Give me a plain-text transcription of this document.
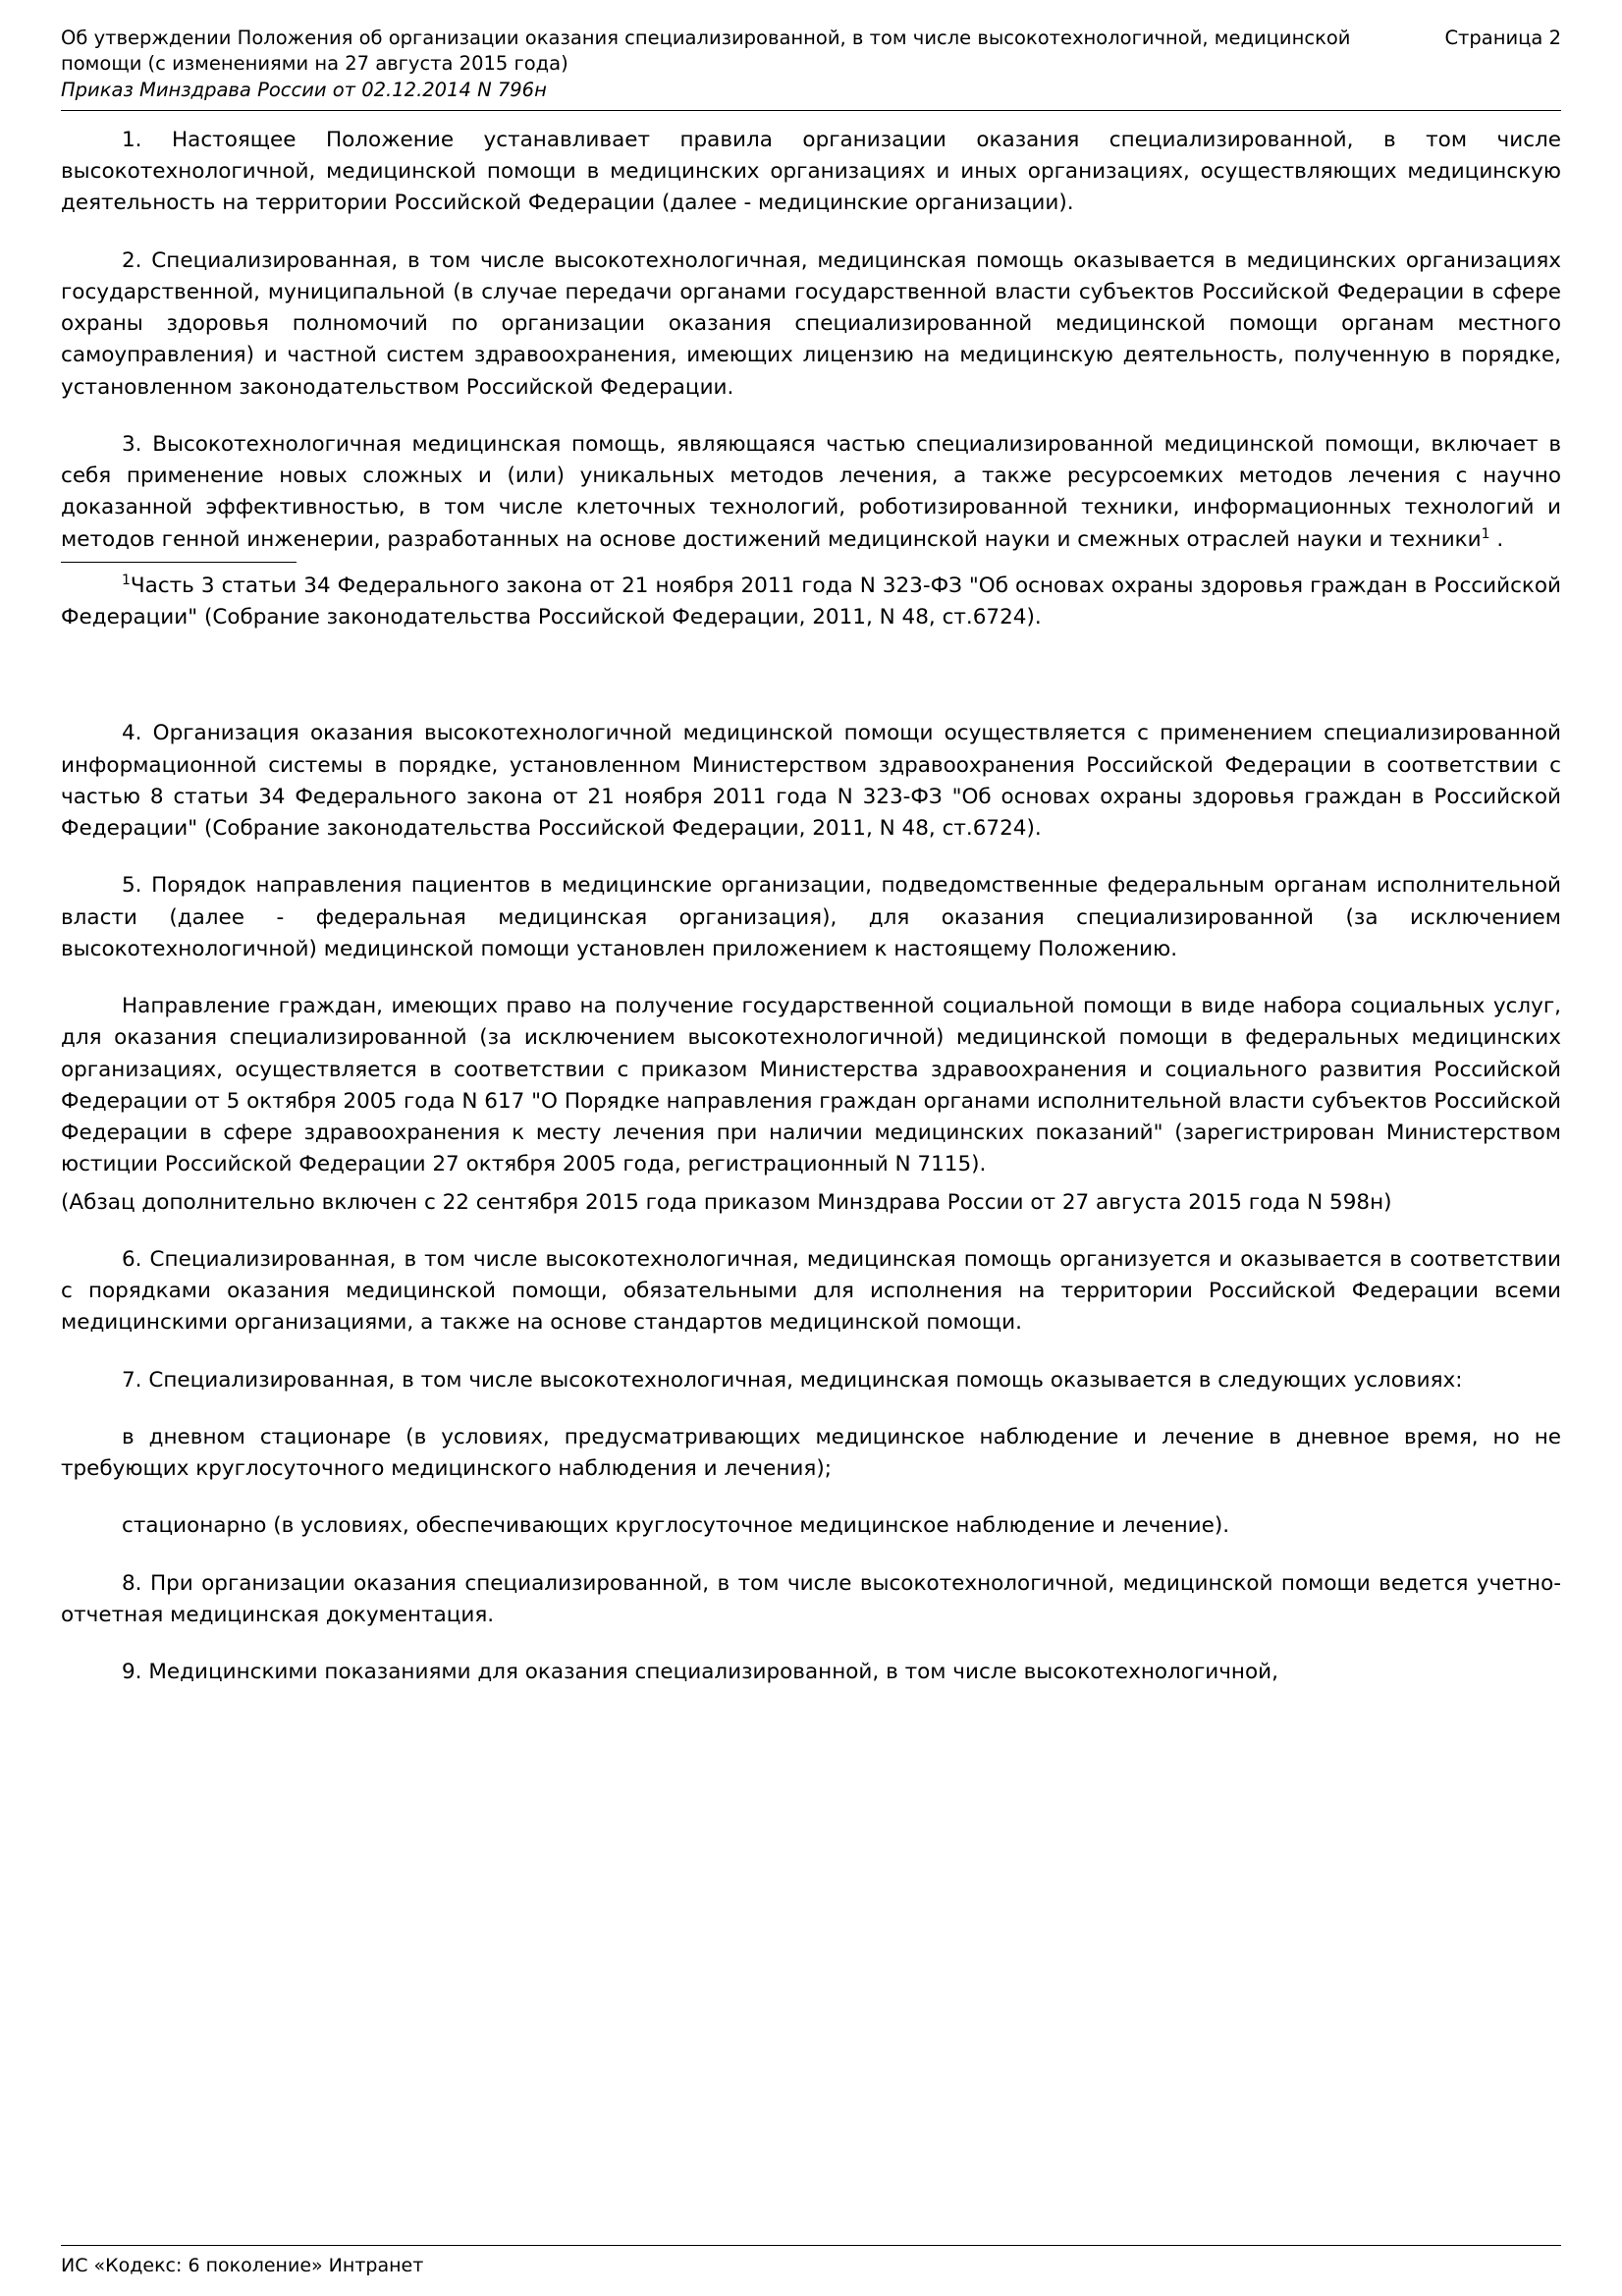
Об утверждении Положения об организации оказания специализированной, в том числе высокотехнологичной, медицинской помощи (с изменениями на 27 августа 2015 года)
Приказ Минздрава России от 02.12.2014 N 796н
Страница 2

1. Настоящее Положение устанавливает правила организации оказания специализированной, в том числе высокотехнологичной, медицинской помощи в медицинских организациях и иных организациях, осуществляющих медицинскую деятельность на территории Российской Федерации (далее - медицинские организации).

2. Специализированная, в том числе высокотехнологичная, медицинская помощь оказывается в медицинских организациях государственной, муниципальной (в случае передачи органами государственной власти субъектов Российской Федерации в сфере охраны здоровья полномочий по организации оказания специализированной медицинской помощи органам местного самоуправления) и частной систем здравоохранения, имеющих лицензию на медицинскую деятельность, полученную в порядке, установленном законодательством Российской Федерации.

3. Высокотехнологичная медицинская помощь, являющаяся частью специализированной медицинской помощи, включает в себя применение новых сложных и (или) уникальных методов лечения, а также ресурсоемких методов лечения с научно доказанной эффективностью, в том числе клеточных технологий, роботизированной техники, информационных технологий и методов генной инженерии, разработанных на основе достижений медицинской науки и смежных отраслей науки и техники$^1$ .

$^1$Часть 3 статьи 34 Федерального закона от 21 ноября 2011 года N 323-ФЗ "Об основах охраны здоровья граждан в Российской Федерации" (Собрание законодательства Российской Федерации, 2011, N 48, ст.6724).

4. Организация оказания высокотехнологичной медицинской помощи осуществляется с применением специализированной информационной системы в порядке, установленном Министерством здравоохранения Российской Федерации в соответствии с частью 8 статьи 34 Федерального закона от 21 ноября 2011 года N 323-ФЗ "Об основах охраны здоровья граждан в Российской Федерации" (Собрание законодательства Российской Федерации, 2011, N 48, ст.6724).

5. Порядок направления пациентов в медицинские организации, подведомственные федеральным органам исполнительной власти (далее - федеральная медицинская организация), для оказания специализированной (за исключением высокотехнологичной) медицинской помощи установлен приложением к настоящему Положению.

Направление граждан, имеющих право на получение государственной социальной помощи в виде набора социальных услуг, для оказания специализированной (за исключением высокотехнологичной) медицинской помощи в федеральных медицинских организациях, осуществляется в соответствии с приказом Министерства здравоохранения и социального развития Российской Федерации от 5 октября 2005 года N 617 "О Порядке направления граждан органами исполнительной власти субъектов Российской Федерации в сфере здравоохранения к месту лечения при наличии медицинских показаний" (зарегистрирован Министерством юстиции Российской Федерации 27 октября 2005 года, регистрационный N 7115).

(Абзац дополнительно включен с 22 сентября 2015 года приказом Минздрава России от 27 августа 2015 года N 598н)

6. Специализированная, в том числе высокотехнологичная, медицинская помощь организуется и оказывается в соответствии с порядками оказания медицинской помощи, обязательными для исполнения на территории Российской Федерации всеми медицинскими организациями, а также на основе стандартов медицинской помощи.

7. Специализированная, в том числе высокотехнологичная, медицинская помощь оказывается в следующих условиях:

в дневном стационаре (в условиях, предусматривающих медицинское наблюдение и лечение в дневное время, но не требующих круглосуточного медицинского наблюдения и лечения);

стационарно (в условиях, обеспечивающих круглосуточное медицинское наблюдение и лечение).

8. При организации оказания специализированной, в том числе высокотехнологичной, медицинской помощи ведется учетно-отчетная медицинская документация.

9. Медицинскими показаниями для оказания специализированной, в том числе высокотехнологичной,

ИС «Кодекс: 6 поколение» Интранет
